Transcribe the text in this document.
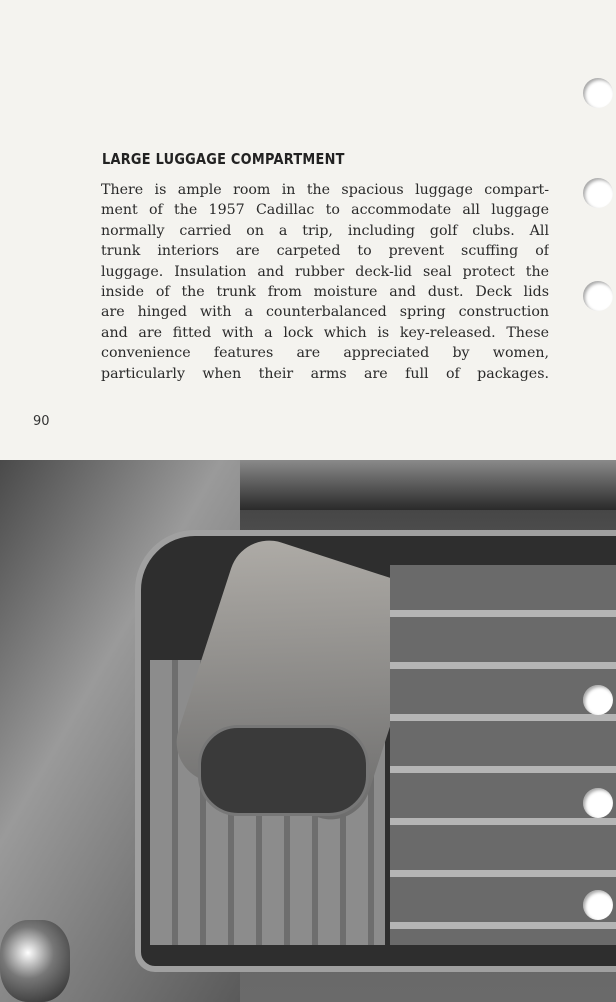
LARGE LUGGAGE COMPARTMENT
There is ample room in the spacious luggage compart-
ment of the 1957 Cadillac to accommodate all luggage
normally carried on a trip, including golf clubs. All
trunk interiors are carpeted to prevent scuffing of
luggage. Insulation and rubber deck-lid seal protect the
inside of the trunk from moisture and dust. Deck lids
are hinged with a counterbalanced spring construction
and are fitted with a lock which is key-released. These
convenience features are appreciated by women,
particularly when their arms are full of packages.
90
